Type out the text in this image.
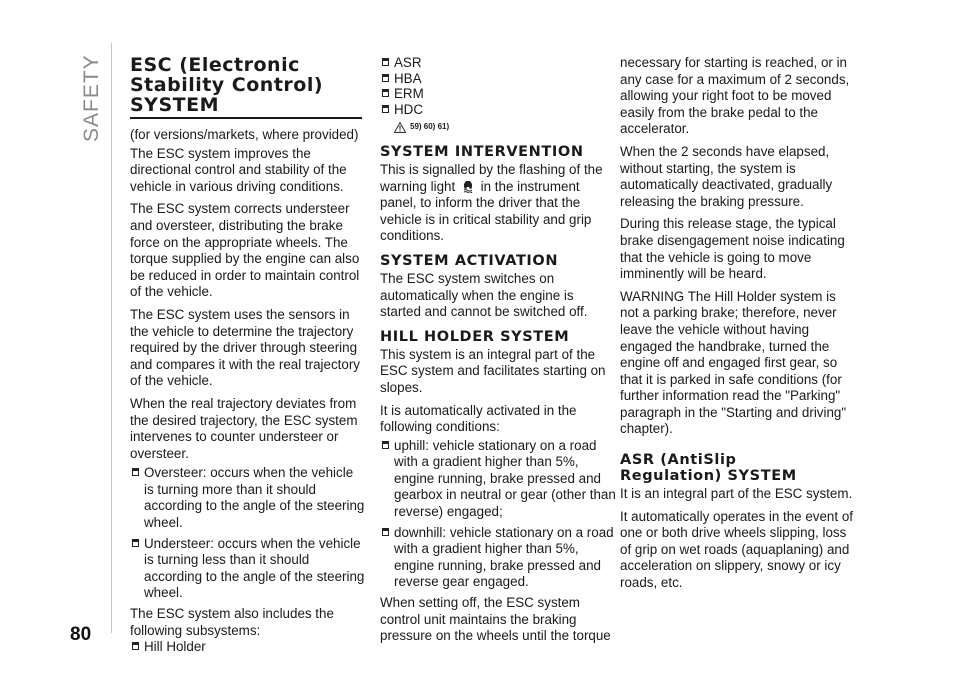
SAFETY
80
ESC (Electronic
Stability Control)
SYSTEM

(for versions/markets, where provided)

The ESC system improves the directional control and stability of the vehicle in various driving conditions.

The ESC system corrects understeer and oversteer, distributing the brake force on the appropriate wheels. The torque supplied by the engine can also be reduced in order to maintain control of the vehicle.

The ESC system uses the sensors in the vehicle to determine the trajectory required by the driver through steering and compares it with the real trajectory of the vehicle.

When the real trajectory deviates from the desired trajectory, the ESC system intervenes to counter understeer or oversteer.

Oversteer: occurs when the vehicle is turning more than it should according to the angle of the steering wheel.
Understeer: occurs when the vehicle is turning less than it should according to the angle of the steering wheel.

The ESC system also includes the following subsystems:

Hill Holder
ASR
HBA
ERM
HDC
59) 60) 61)
SYSTEM INTERVENTION

This is signalled by the flashing of the warning light in the instrument panel, to inform the driver that the vehicle is in critical stability and grip conditions.

SYSTEM ACTIVATION

The ESC system switches on automatically when the engine is started and cannot be switched off.

HILL HOLDER SYSTEM

This system is an integral part of the ESC system and facilitates starting on slopes.

It is automatically activated in the following conditions:

uphill: vehicle stationary on a road with a gradient higher than 5%, engine running, brake pressed and gearbox in neutral or gear (other than reverse) engaged;
downhill: vehicle stationary on a road with a gradient higher than 5%, engine running, brake pressed and reverse gear engaged.

When setting off, the ESC system control unit maintains the braking pressure on the wheels until the torque

necessary for starting is reached, or in any case for a maximum of 2 seconds, allowing your right foot to be moved easily from the brake pedal to the accelerator.

When the 2 seconds have elapsed, without starting, the system is automatically deactivated, gradually releasing the braking pressure.

During this release stage, the typical brake disengagement noise indicating that the vehicle is going to move imminently will be heard.

WARNING The Hill Holder system is not a parking brake; therefore, never leave the vehicle without having engaged the handbrake, turned the engine off and engaged first gear, so that it is parked in safe conditions (for further information read the "Parking" paragraph in the "Starting and driving" chapter).

ASR (AntiSlip
Regulation) SYSTEM

It is an integral part of the ESC system.

It automatically operates in the event of one or both drive wheels slipping, loss of grip on wet roads (aquaplaning) and acceleration on slippery, snowy or icy roads, etc.
